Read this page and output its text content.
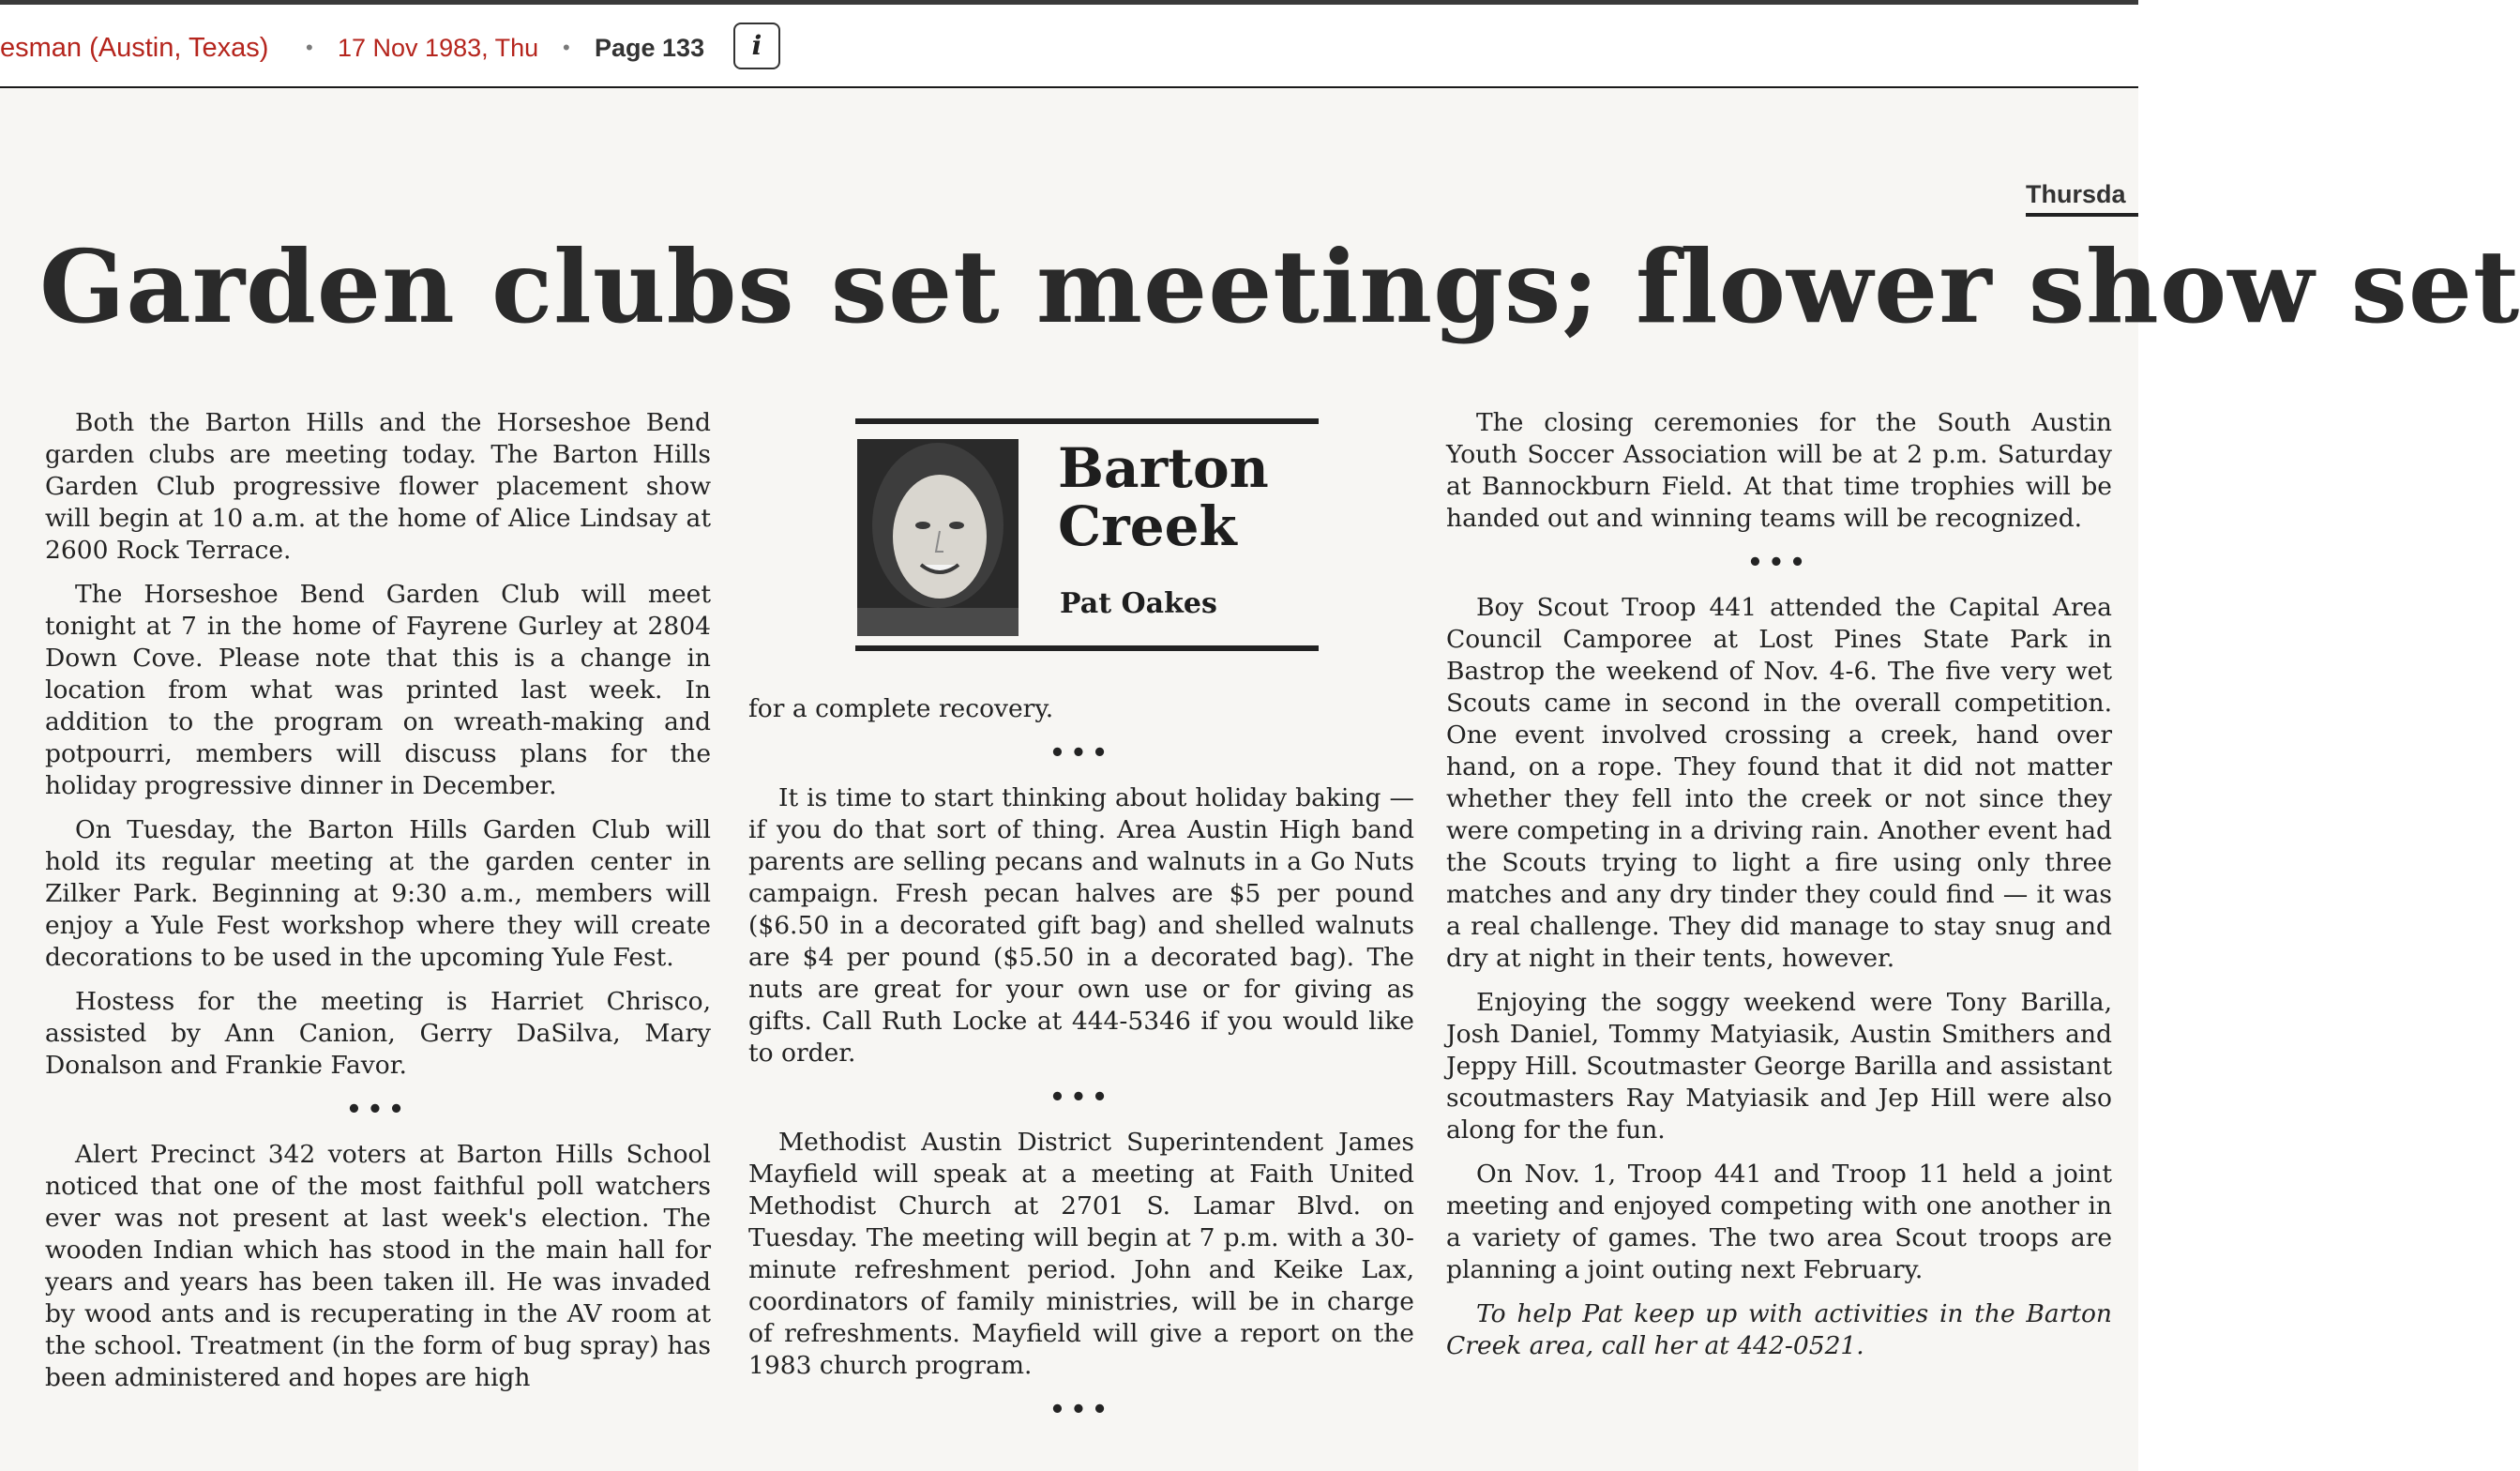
esman (Austin, Texas) • 17 Nov 1983, Thu • Page 133	i
Thursda
Garden clubs set meetings; flower show set

Both the Barton Hills and the Horseshoe Bend garden clubs are meeting today. The Barton Hills Garden Club progressive flower placement show will begin at 10 a.m. at the home of Alice Lindsay at 2600 Rock Terrace.

The Horseshoe Bend Garden Club will meet tonight at 7 in the home of Fayrene Gurley at 2804 Down Cove. Please note that this is a change in location from what was printed last week. In addition to the program on wreath-making and potpourri, members will discuss plans for the holiday progressive dinner in December.

On Tuesday, the Barton Hills Garden Club will hold its regular meeting at the garden center in Zilker Park. Beginning at 9:30 a.m., members will enjoy a Yule Fest workshop where they will create decorations to be used in the upcoming Yule Fest.

Hostess for the meeting is Harriet Chrisco, assisted by Ann Canion, Gerry DaSilva, Mary Donalson and Frankie Favor.

•••

Alert Precinct 342 voters at Barton Hills School noticed that one of the most faithful poll watchers ever was not present at last week's election. The wooden Indian which has stood in the main hall for years and years has been taken ill. He was invaded by wood ants and is recuperating in the AV room at the school. Treatment (in the form of bug spray) has been administered and hopes are high

Barton
Creek
Pat Oakes

for a complete recovery.

•••

It is time to start thinking about holiday baking — if you do that sort of thing. Area Austin High band parents are selling pecans and walnuts in a Go Nuts campaign. Fresh pecan halves are $5 per pound ($6.50 in a decorated gift bag) and shelled walnuts are $4 per pound ($5.50 in a decorated bag). The nuts are great for your own use or for giving as gifts. Call Ruth Locke at 444-5346 if you would like to order.

•••

Methodist Austin District Superintendent James Mayfield will speak at a meeting at Faith United Methodist Church at 2701 S. Lamar Blvd. on Tuesday. The meeting will begin at 7 p.m. with a 30-minute refreshment period. John and Keike Lax, coordinators of family ministries, will be in charge of refreshments. Mayfield will give a report on the 1983 church program.

•••

The closing ceremonies for the South Austin Youth Soccer Association will be at 2 p.m. Saturday at Bannockburn Field. At that time trophies will be handed out and winning teams will be recognized.

•••

Boy Scout Troop 441 attended the Capital Area Council Camporee at Lost Pines State Park in Bastrop the weekend of Nov. 4-6. The five very wet Scouts came in second in the overall competition. One event involved crossing a creek, hand over hand, on a rope. They found that it did not matter whether they fell into the creek or not since they were competing in a driving rain. Another event had the Scouts trying to light a fire using only three matches and any dry tinder they could find — it was a real challenge. They did manage to stay snug and dry at night in their tents, however.

Enjoying the soggy weekend were Tony Barilla, Josh Daniel, Tommy Matyiasik, Austin Smithers and Jeppy Hill. Scoutmaster George Barilla and assistant scoutmasters Ray Matyiasik and Jep Hill were also along for the fun.

On Nov. 1, Troop 441 and Troop 11 held a joint meeting and enjoyed competing with one another in a variety of games. The two area Scout troops are planning a joint outing next February.

To help Pat keep up with activities in the Barton Creek area, call her at 442-0521.
